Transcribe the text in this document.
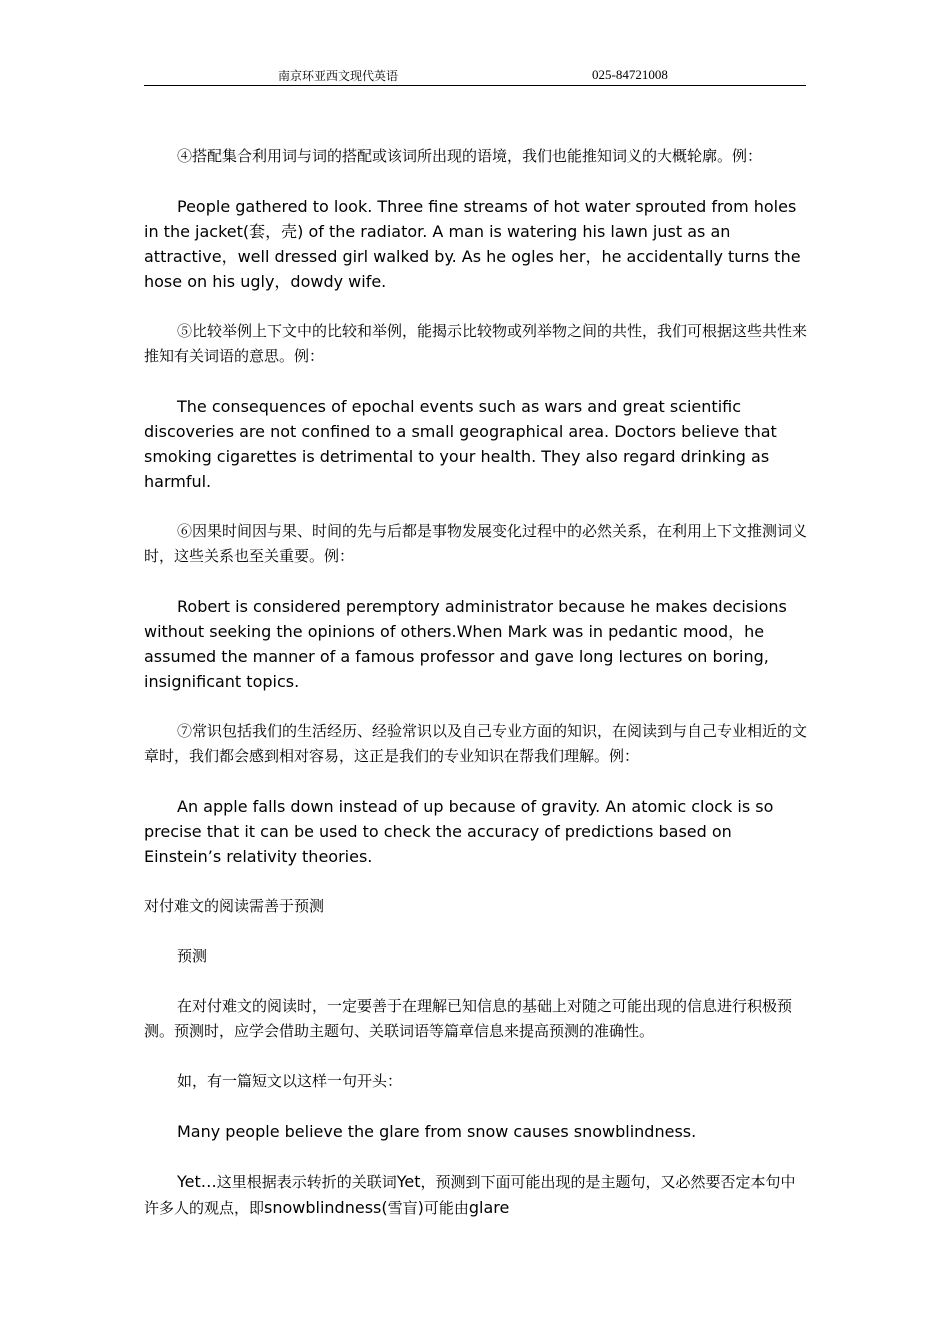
南京环亚西文现代英语	025-84721008

④搭配集合利用词与词的搭配或该词所出现的语境，我们也能推知词义的大概轮廓。例：

People gathered to look. Three fine streams of hot water sprouted from holes in the jacket(套，壳) of the radiator. A man is watering his lawn just as an attractive，well dressed girl walked by. As he ogles her，he accidentally turns the hose on his ugly，dowdy wife.

⑤比较举例上下文中的比较和举例，能揭示比较物或列举物之间的共性，我们可根据这些共性来推知有关词语的意思。例：

The consequences of epochal events such as wars and great scientific discoveries are not confined to a small geographical area. Doctors believe that smoking cigarettes is detrimental to your health. They also regard drinking as harmful.

⑥因果时间因与果、时间的先与后都是事物发展变化过程中的必然关系，在利用上下文推测词义时，这些关系也至关重要。例：

Robert is considered peremptory administrator because he makes decisions without seeking the opinions of others.When Mark was in pedantic mood，he assumed the manner of a famous professor and gave long lectures on boring, insignificant topics.

⑦常识包括我们的生活经历、经验常识以及自己专业方面的知识，在阅读到与自己专业相近的文章时，我们都会感到相对容易，这正是我们的专业知识在帮我们理解。例：

An apple falls down instead of up because of gravity. An atomic clock is so precise that it can be used to check the accuracy of predictions based on Einstein’s relativity theories.

对付难文的阅读需善于预测

预测

在对付难文的阅读时，一定要善于在理解已知信息的基础上对随之可能出现的信息进行积极预测。预测时，应学会借助主题句、关联词语等篇章信息来提高预测的准确性。

如，有一篇短文以这样一句开头：

Many people believe the glare from snow causes snowblindness.

Yet…这里根据表示转折的关联词Yet，预测到下面可能出现的是主题句，又必然要否定本句中许多人的观点，即snowblindness(雪盲)可能由glare
